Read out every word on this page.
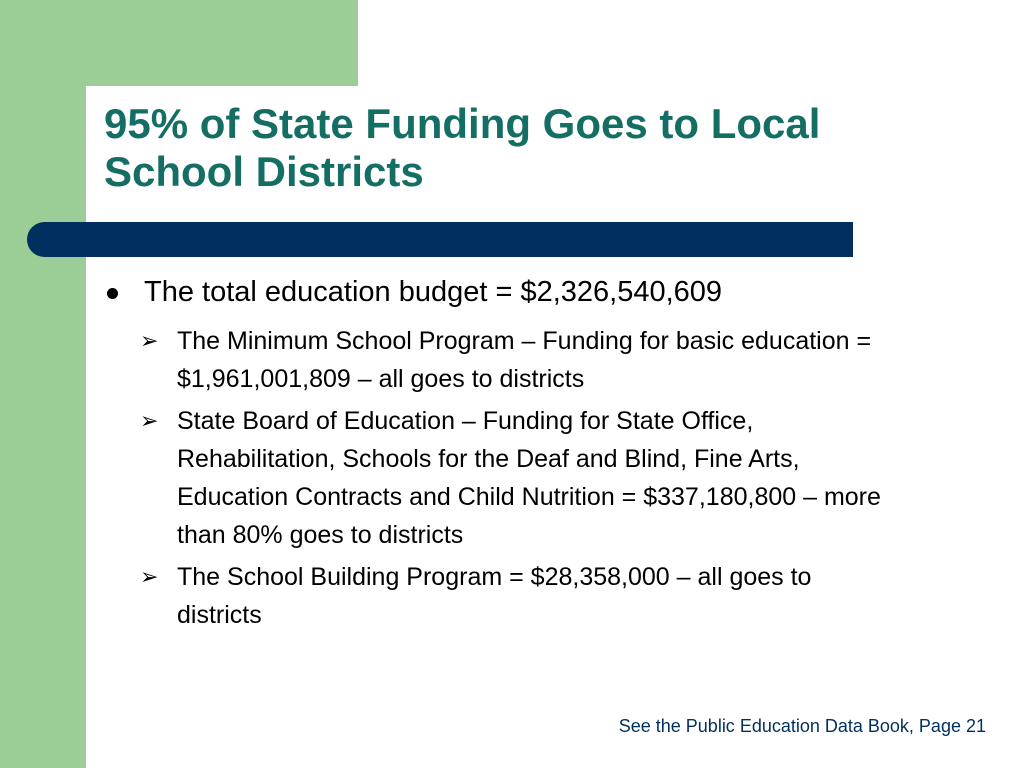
95% of State Funding Goes to Local School Districts
The total education budget = $2,326,540,609
➢ The Minimum School Program – Funding for basic education = $1,961,001,809 – all goes to districts
➢ State Board of Education – Funding for State Office, Rehabilitation, Schools for the Deaf and Blind, Fine Arts, Education Contracts and Child Nutrition = $337,180,800 – more than 80% goes to districts
➢ The School Building Program = $28,358,000 – all goes to districts
See the Public Education Data Book, Page 21
